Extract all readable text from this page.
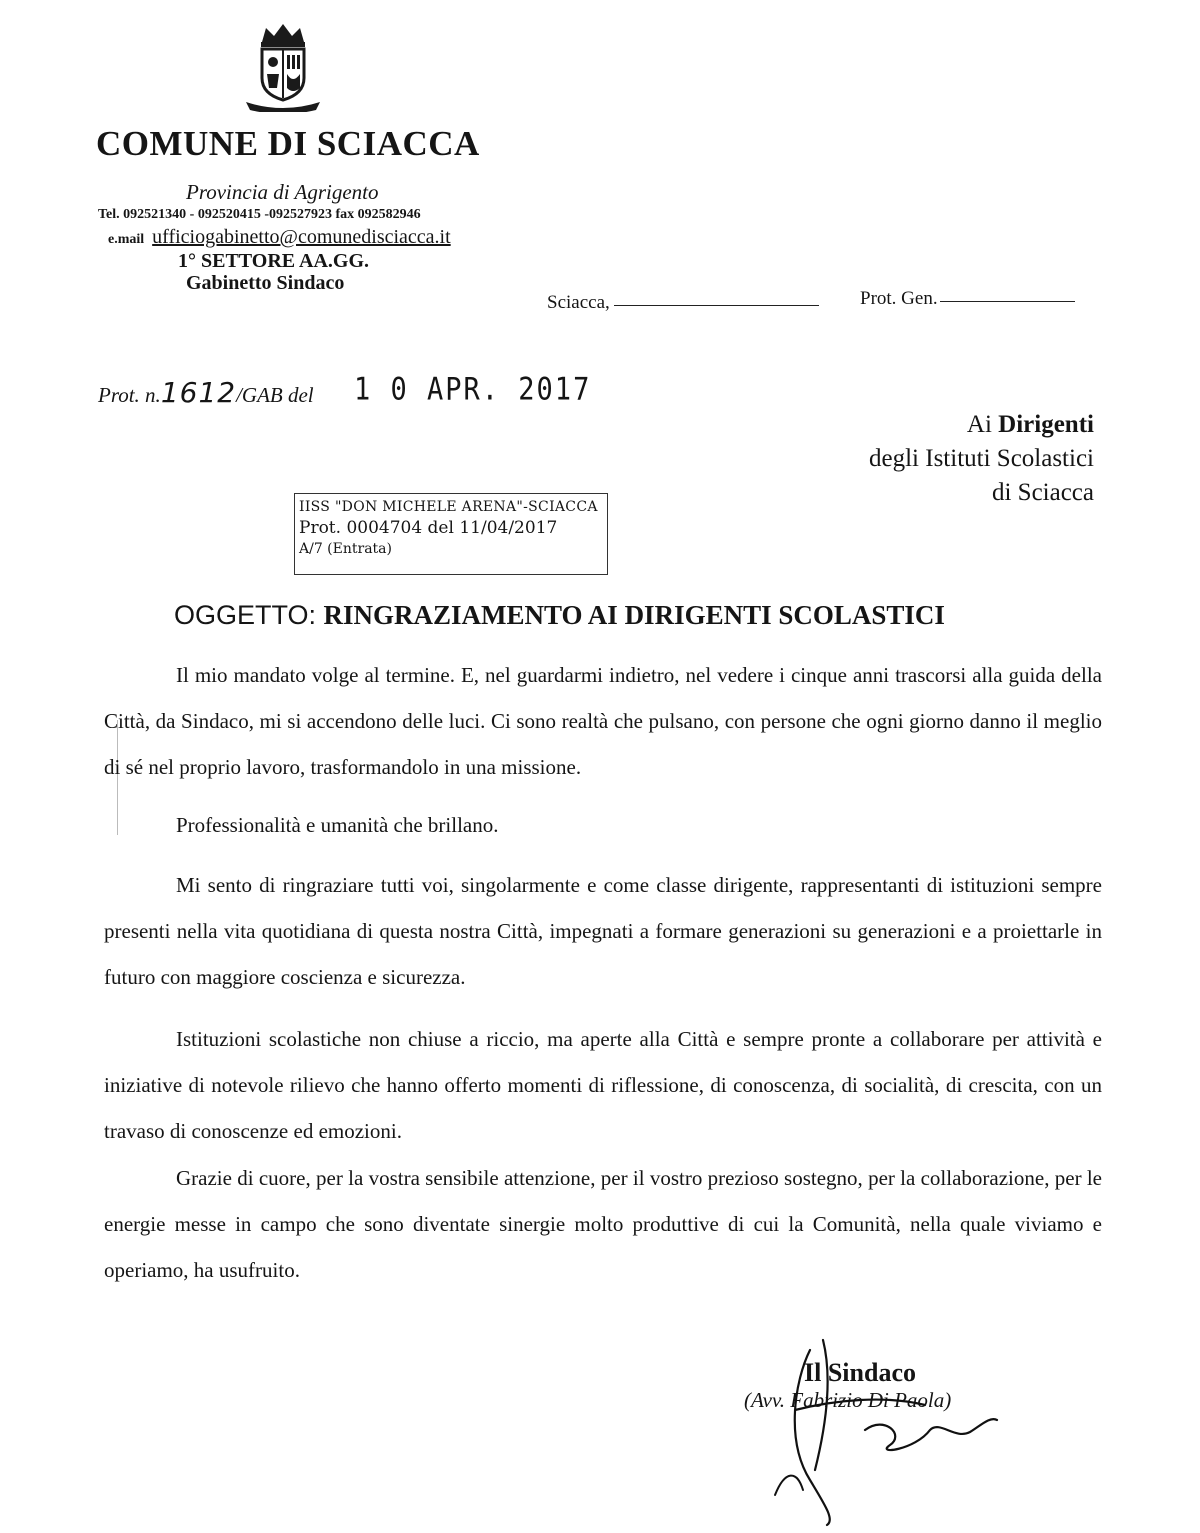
COMUNE DI SCIACCA
Provincia di Agrigento
Tel. 092521340 - 092520415 -092527923 fax 092582946
e.mail ufficiogabinetto@comunedisciacca.it
1° SETTORE AA.GG.
Gabinetto Sindaco
Sciacca,	Prot. Gen.
Prot. n.1612/GAB del 1 0 APR. 2017
Ai Dirigenti
degli Istituti Scolastici
di Sciacca
IISS "DON MICHELE ARENA"-SCIACCA
Prot. 0004704 del 11/04/2017
A/7 (Entrata)
OGGETTO: RINGRAZIAMENTO AI DIRIGENTI SCOLASTICI
Il mio mandato volge al termine. E, nel guardarmi indietro, nel vedere i cinque anni trascorsi alla guida della Città, da Sindaco, mi si accendono delle luci. Ci sono realtà che pulsano, con persone che ogni giorno danno il meglio di sé nel proprio lavoro, trasformandolo in una missione.
Professionalità e umanità che brillano.
Mi sento di ringraziare tutti voi, singolarmente e come classe dirigente, rappresentanti di istituzioni sempre presenti nella vita quotidiana di questa nostra Città, impegnati a formare generazioni su generazioni e a proiettarle in futuro con maggiore coscienza e sicurezza.
Istituzioni scolastiche non chiuse a riccio, ma aperte alla Città e sempre pronte a collaborare per attività e iniziative di notevole rilievo che hanno offerto momenti di riflessione, di conoscenza, di socialità, di crescita, con un travaso di conoscenze ed emozioni.
Grazie di cuore, per la vostra sensibile attenzione, per il vostro prezioso sostegno, per la collaborazione, per le energie messe in campo che sono diventate sinergie molto produttive di cui la Comunità, nella quale viviamo e operiamo, ha usufruito.
Il Sindaco
(Avv. Fabrizio Di Paola)
